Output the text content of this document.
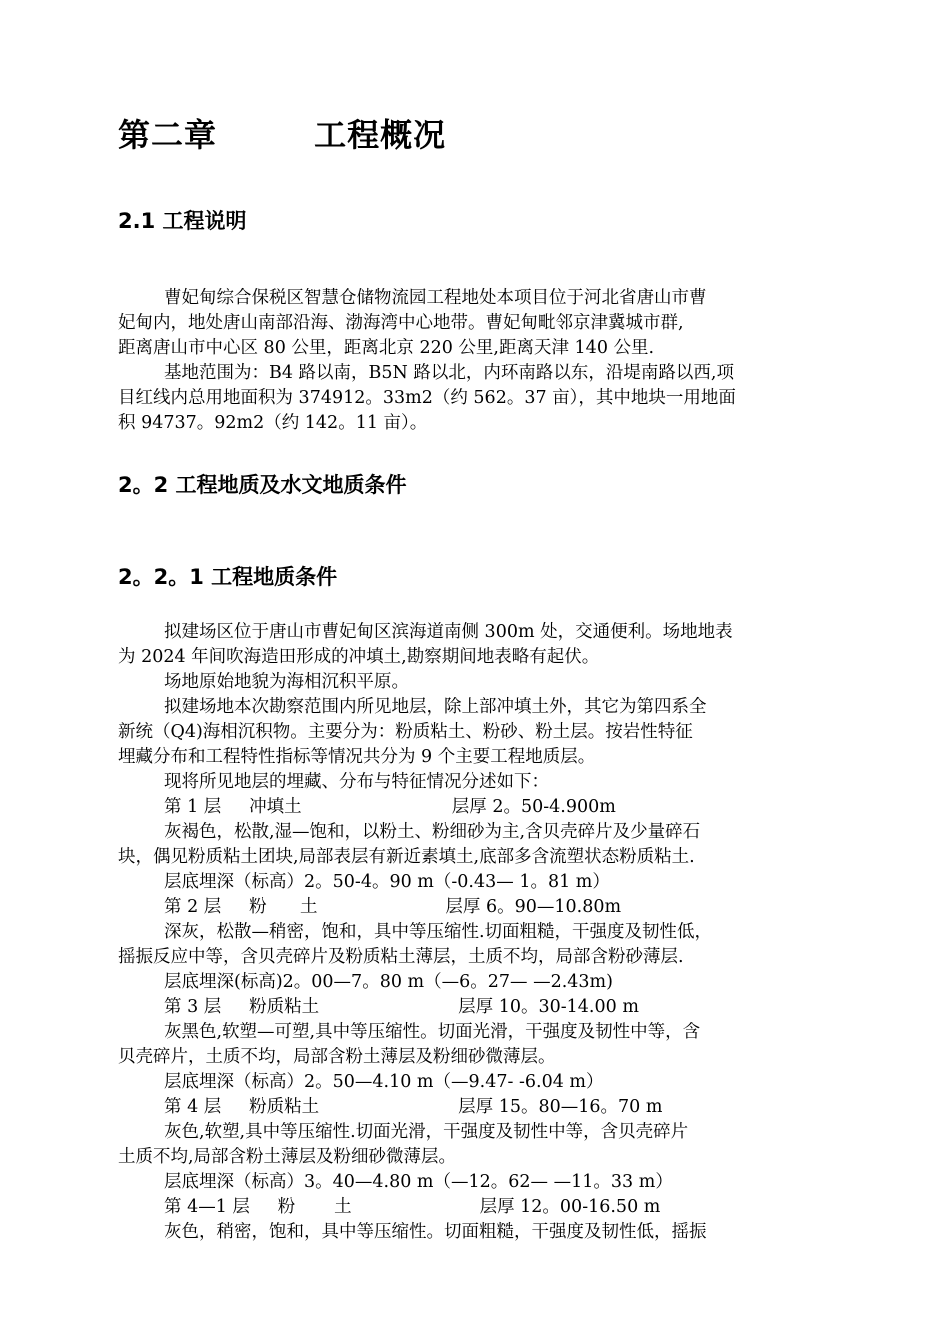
第二章        工程概况
2.1 工程说明
曹妃甸综合保税区智慧仓储物流园工程地处本项目位于河北省唐山市曹
妃甸内，地处唐山南部沿海、渤海湾中心地带。曹妃甸毗邻京津冀城市群,
距离唐山市中心区 80 公里，距离北京 220 公里,距离天津 140 公里.
基地范围为：B4 路以南，B5N 路以北，内环南路以东，沿堤南路以西,项
目红线内总用地面积为 374912。33m2（约 562。37 亩），其中地块一用地面
积 94737。92m2（约 142。11 亩）。
2。2 工程地质及水文地质条件
2。2。1 工程地质条件
拟建场区位于唐山市曹妃甸区滨海道南侧 300m 处，交通便利。场地地表
为 2024 年间吹海造田形成的冲填土,勘察期间地表略有起伏。
场地原始地貌为海相沉积平原。
拟建场地本次勘察范围内所见地层，除上部冲填土外，其它为第四系全
新统（Q4)海相沉积物。主要分为：粉质粘土、粉砂、粉土层。按岩性特征
埋藏分布和工程特性指标等情况共分为 9 个主要工程地质层。
现将所见地层的埋藏、分布与特征情况分述如下：
第 1 层     冲填土                           层厚 2。50-4.900m
灰褐色，松散,湿—饱和，以粉土、粉细砂为主,含贝壳碎片及少量碎石
块，偶见粉质粘土团块,局部表层有新近素填土,底部多含流塑状态粉质粘土.
层底埋深（标高）2。50-4。90 m（-0.43— 1。81 m）
第 2 层     粉      土                       层厚 6。90—10.80m
深灰，松散—稍密，饱和，具中等压缩性.切面粗糙，干强度及韧性低，
摇振反应中等，含贝壳碎片及粉质粘土薄层，土质不均，局部含粉砂薄层.
层底埋深(标高)2。00—7。80 m（—6。27— —2.43m)
第 3 层     粉质粘土                         层厚 10。30-14.00 m
灰黑色,软塑—可塑,具中等压缩性。切面光滑，干强度及韧性中等，含
贝壳碎片，土质不均，局部含粉土薄层及粉细砂微薄层。
层底埋深（标高）2。50—4.10 m（—9.47- -6.04 m）
第 4 层     粉质粘土                         层厚 15。80—16。70 m
灰色,软塑,具中等压缩性.切面光滑，干强度及韧性中等，含贝壳碎片
土质不均,局部含粉土薄层及粉细砂微薄层。
层底埋深（标高）3。40—4.80 m（—12。62— —11。33 m）
第 4—1 层     粉       土                       层厚 12。00-16.50 m
灰色，稍密，饱和，具中等压缩性。切面粗糙，干强度及韧性低，摇振
